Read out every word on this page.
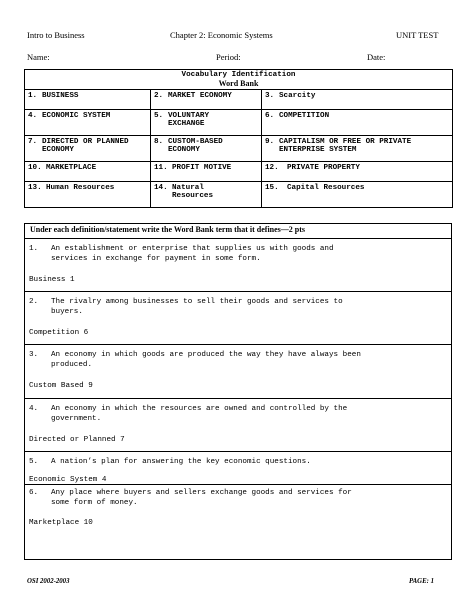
Intro to Business	Chapter 2: Economic Systems	UNIT TEST
Name:	Period:	Date:
Vocabulary Identification
Word Bank		

1. BUSINESS	2. MARKET ECONOMY	3. Scarcity
4. ECONOMIC SYSTEM	5. VOLUNTARY EXCHANGE	6. COMPETITION
7. DIRECTED OR PLANNED ECONOMY	8. CUSTOM-BASED ECONOMY	9. CAPITALISM OR FREE OR PRIVATE ENTERPRISE SYSTEM
10. MARKETPLACE	11. PROFIT MOTIVE	12. PRIVATE PROPERTY
13. Human Resources	14. Natural Resources	15. Capital Resources
Under each definition/statement write the Word Bank term that it defines—2 pts
1. An establishment or enterprise that supplies us with goods and
services in exchange for payment in some form.
Business 1
2. The rivalry among businesses to sell their goods and services to
buyers.
Competition 6
3. An economy in which goods are produced the way they have always been
produced.
Custom Based 9
4. An economy in which the resources are owned and controlled by the
government.
Directed or Planned 7
5. A nation’s plan for answering the key economic questions.
Economic System 4
6. Any place where buyers and sellers exchange goods and services for
some form of money.
Marketplace 10
OSI 2002-2003	PAGE: 1
